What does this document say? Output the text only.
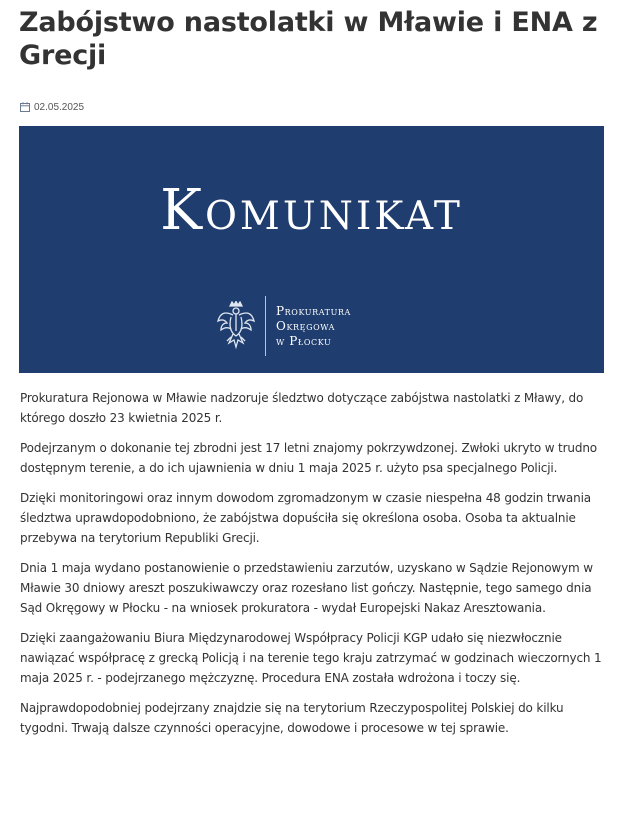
Zabójstwo nastolatki w Mławie i ENA z Grecji
02.05.2025
Komunikat
Prokuratura
Okręgowa
w Płocku

Prokuratura Rejonowa w Mławie nadzoruje śledztwo dotyczące zabójstwa nastolatki z Mławy, do którego doszło 23 kwietnia 2025 r.

Podejrzanym o dokonanie tej zbrodni jest 17 letni znajomy pokrzywdzonej. Zwłoki ukryto w trudno dostępnym terenie, a do ich ujawnienia w dniu 1 maja 2025 r. użyto psa specjalnego Policji.

Dzięki monitoringowi oraz innym dowodom zgromadzonym w czasie niespełna 48 godzin trwania śledztwa uprawdopodobniono, że zabójstwa dopuściła się określona osoba. Osoba ta aktualnie przebywa na terytorium Republiki Grecji.

Dnia 1 maja wydano postanowienie o przedstawieniu zarzutów, uzyskano w Sądzie Rejonowym w Mławie 30 dniowy areszt poszukiwawczy oraz rozesłano list gończy. Następnie, tego samego dnia Sąd Okręgowy w Płocku - na wniosek prokuratora - wydał Europejski Nakaz Aresztowania.

Dzięki zaangażowaniu Biura Międzynarodowej Współpracy Policji KGP udało się niezwłocznie nawiązać współpracę z grecką Policją i na terenie tego kraju zatrzymać w godzinach wieczornych 1 maja 2025 r. - podejrzanego mężczyznę. Procedura ENA została wdrożona i toczy się.

Najprawdopodobniej podejrzany znajdzie się na terytorium Rzeczypospolitej Polskiej do kilku tygodni. Trwają dalsze czynności operacyjne, dowodowe i procesowe w tej sprawie.
